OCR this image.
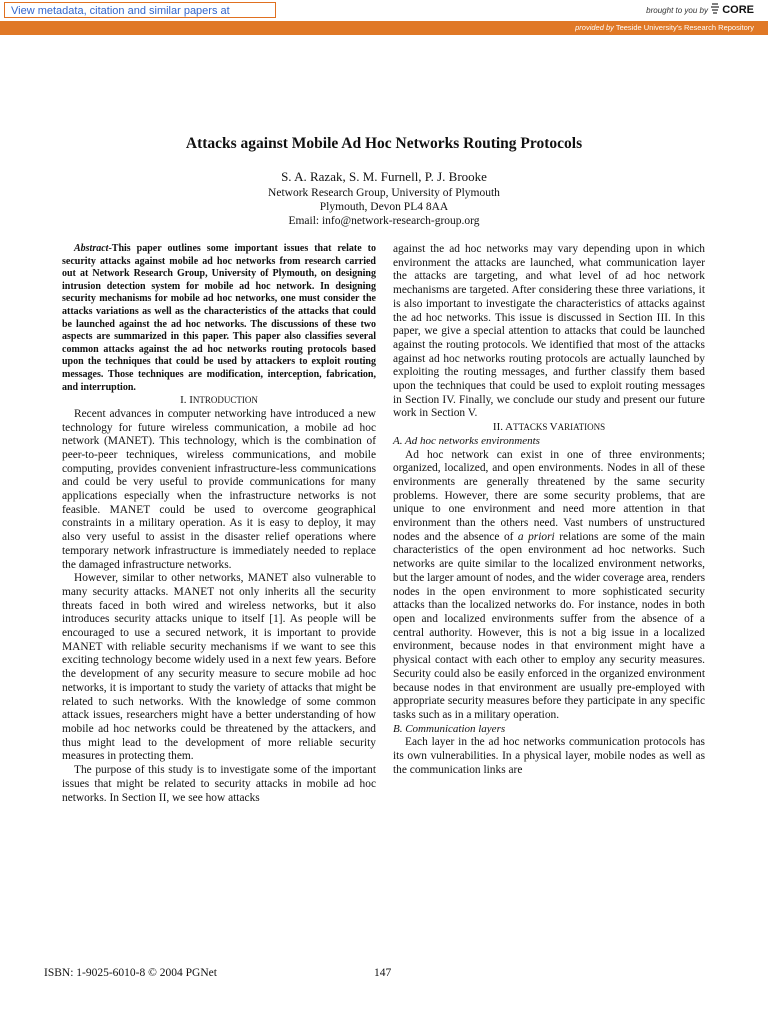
View metadata, citation and similar papers at	brought to you by	CORE
provided by Teeside University's Research Repository
Attacks against Mobile Ad Hoc Networks Routing Protocols
S. A. Razak, S. M. Furnell, P. J. Brooke
Network Research Group, University of Plymouth
Plymouth, Devon PL4 8AA
Email: info@network-research-group.org

Abstract-This paper outlines some important issues that relate to security attacks against mobile ad hoc networks from research carried out at Network Research Group, University of Plymouth, on designing intrusion detection system for mobile ad hoc network. In designing security mechanisms for mobile ad hoc networks, one must consider the attacks variations as well as the characteristics of the attacks that could be launched against the ad hoc networks. The discussions of these two aspects are summarized in this paper. This paper also classifies several common attacks against the ad hoc networks routing protocols based upon the techniques that could be used by attackers to exploit routing messages. Those techniques are modification, interception, fabrication, and interruption.

I. INTRODUCTION

Recent advances in computer networking have introduced a new technology for future wireless communication, a mobile ad hoc network (MANET). This technology, which is the combination of peer-to-peer techniques, wireless communications, and mobile computing, provides convenient infrastructure-less communications and could be very useful to provide communications for many applications especially when the infrastructure networks is not feasible. MANET could be used to overcome geographical constraints in a military operation. As it is easy to deploy, it may also very useful to assist in the disaster relief operations where temporary network infrastructure is immediately needed to replace the damaged infrastructure networks.

However, similar to other networks, MANET also vulnerable to many security attacks. MANET not only inherits all the security threats faced in both wired and wireless networks, but it also introduces security attacks unique to itself [1]. As people will be encouraged to use a secured network, it is important to provide MANET with reliable security mechanisms if we want to see this exciting technology become widely used in a next few years. Before the development of any security measure to secure mobile ad hoc networks, it is important to study the variety of attacks that might be related to such networks. With the knowledge of some common attack issues, researchers might have a better understanding of how mobile ad hoc networks could be threatened by the attackers, and thus might lead to the development of more reliable security measures in protecting them.

The purpose of this study is to investigate some of the important issues that might be related to security attacks in mobile ad hoc networks. In Section II, we see how attacks

against the ad hoc networks may vary depending upon in which environment the attacks are launched, what communication layer the attacks are targeting, and what level of ad hoc network mechanisms are targeted. After considering these three variations, it is also important to investigate the characteristics of attacks against the ad hoc networks. This issue is discussed in Section III. In this paper, we give a special attention to attacks that could be launched against the routing protocols. We identified that most of the attacks against ad hoc networks routing protocols are actually launched by exploiting the routing messages, and further classify them based upon the techniques that could be used to exploit routing messages in Section IV. Finally, we conclude our study and present our future work in Section V.

II. ATTACKS VARIATIONS

A. Ad hoc networks environments

Ad hoc network can exist in one of three environments; organized, localized, and open environments. Nodes in all of these environments are generally threatened by the same security problems. However, there are some security problems, that are unique to one environment and need more attention in that environment than the others need. Vast numbers of unstructured nodes and the absence of a priori relations are some of the main characteristics of the open environment ad hoc networks. Such networks are quite similar to the localized environment networks, but the larger amount of nodes, and the wider coverage area, renders nodes in the open environment to more sophisticated security attacks than the localized networks do. For instance, nodes in both open and localized environments suffer from the absence of a central authority. However, this is not a big issue in a localized environment, because nodes in that environment might have a physical contact with each other to employ any security measures. Security could also be easily enforced in the organized environment because nodes in that environment are usually pre-employed with appropriate security measures before they participate in any specific tasks such as in a military operation.

B. Communication layers

Each layer in the ad hoc networks communication protocols has its own vulnerabilities. In a physical layer, mobile nodes as well as the communication links are

ISBN: 1-9025-6010-8 © 2004 PGNet	147
